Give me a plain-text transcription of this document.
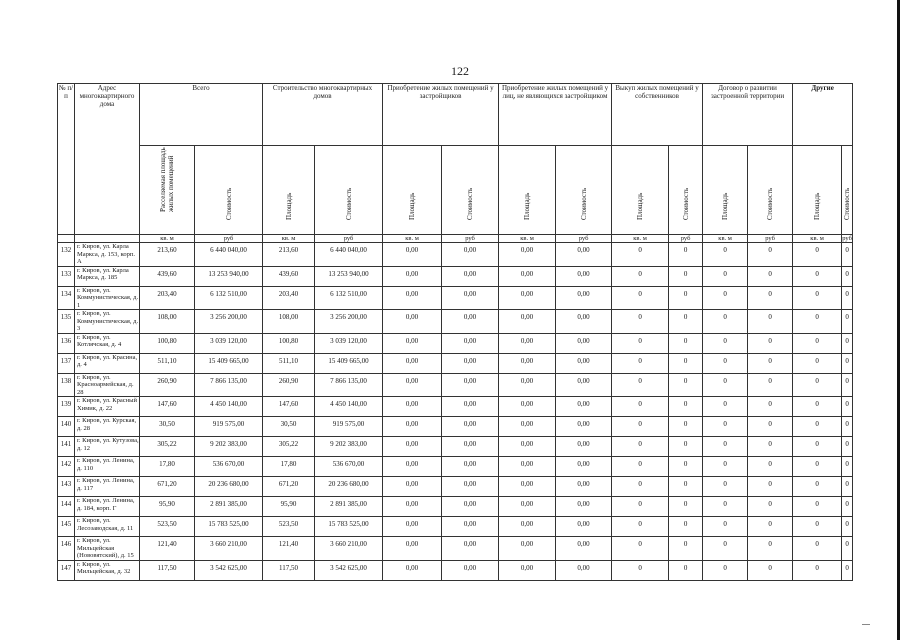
122
№ п/п	Адрес многоквартирного дома	Всего		Строительство многоквартирных домов		Приобретение жилых помещений у застройщиков		Приобретение жилых помещений у лиц, не являющихся застройщиком		Выкуп жилых помещений у собственников		Договор о развитии застроенной территории		Другие	

		Расселяемая площадь жилых помещений	Стоимость	Площадь	Стоимость	Площадь	Стоимость	Площадь	Стоимость	Площадь	Стоимость	Площадь	Стоимость	Площадь	Стоимость

		кв. м	руб	кв. м	руб	кв. м	руб	кв. м	руб	кв. м	руб	кв. м	руб	кв. м	руб
132	г. Киров, ул. Карла Маркса, д. 153, корп. А	213,60	6 440 040,00	213,60	6 440 040,00	0,00	0,00	0,00	0,00	0	0	0	0	0	0
133	г. Киров, ул. Карла Маркса, д. 185	439,60	13 253 940,00	439,60	13 253 940,00	0,00	0,00	0,00	0,00	0	0	0	0	0	0
134	г. Киров, ул. Коммунистическая, д. 1	203,40	6 132 510,00	203,40	6 132 510,00	0,00	0,00	0,00	0,00	0	0	0	0	0	0
135	г. Киров, ул. Коммунистическая, д. 3	108,00	3 256 200,00	108,00	3 256 200,00	0,00	0,00	0,00	0,00	0	0	0	0	0	0
136	г. Киров, ул. Котлячская, д. 4	100,80	3 039 120,00	100,80	3 039 120,00	0,00	0,00	0,00	0,00	0	0	0	0	0	0
137	г. Киров, ул. Красина, д. 4	511,10	15 409 665,00	511,10	15 409 665,00	0,00	0,00	0,00	0,00	0	0	0	0	0	0
138	г. Киров, ул. Красноармейская, д. 28	260,90	7 866 135,00	260,90	7 866 135,00	0,00	0,00	0,00	0,00	0	0	0	0	0	0
139	г. Киров, ул. Красный Химик, д. 22	147,60	4 450 140,00	147,60	4 450 140,00	0,00	0,00	0,00	0,00	0	0	0	0	0	0
140	г. Киров, ул. Курская, д. 28	30,50	919 575,00	30,50	919 575,00	0,00	0,00	0,00	0,00	0	0	0	0	0	0
141	г. Киров, ул. Кутузова, д. 12	305,22	9 202 383,00	305,22	9 202 383,00	0,00	0,00	0,00	0,00	0	0	0	0	0	0
142	г. Киров, ул. Ленина, д. 110	17,80	536 670,00	17,80	536 670,00	0,00	0,00	0,00	0,00	0	0	0	0	0	0
143	г. Киров, ул. Ленина, д. 117	671,20	20 236 680,00	671,20	20 236 680,00	0,00	0,00	0,00	0,00	0	0	0	0	0	0
144	г. Киров, ул. Ленина, д. 184, корп. Г	95,90	2 891 385,00	95,90	2 891 385,00	0,00	0,00	0,00	0,00	0	0	0	0	0	0
145	г. Киров, ул. Лесозаводская, д. 11	523,50	15 783 525,00	523,50	15 783 525,00	0,00	0,00	0,00	0,00	0	0	0	0	0	0
146	г. Киров, ул. Мильцейская (Нововятский), д. 15	121,40	3 660 210,00	121,40	3 660 210,00	0,00	0,00	0,00	0,00	0	0	0	0	0	0
147	г. Киров, ул. Мильцейская, д. 32	117,50	3 542 625,00	117,50	3 542 625,00	0,00	0,00	0,00	0,00	0	0	0	0	0	0
